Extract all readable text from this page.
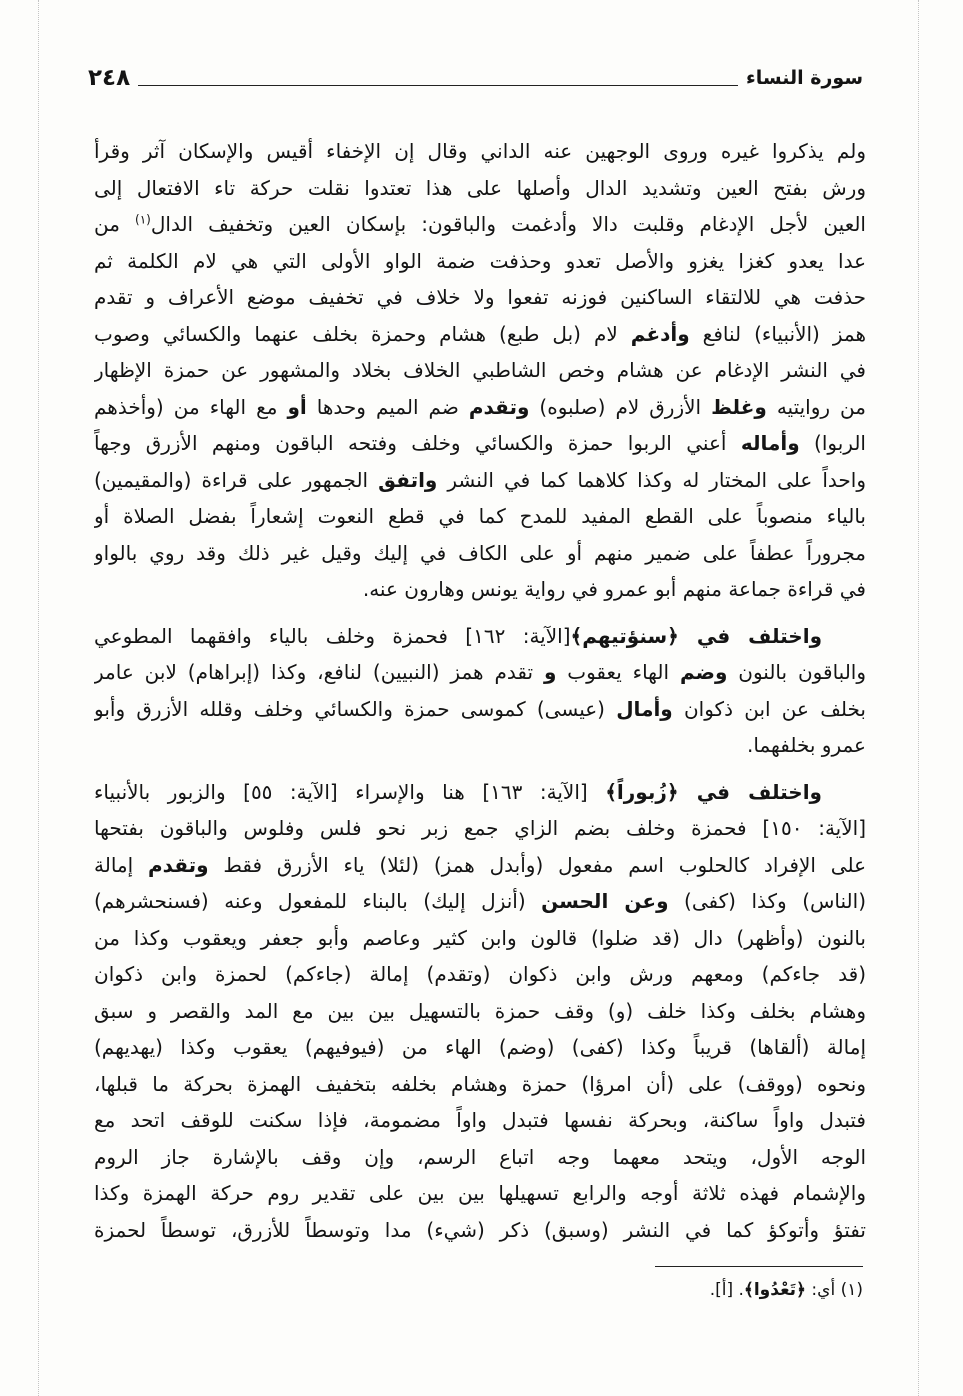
سورة النساء
٢٤٨
ولم يذكروا غيره وروى الوجهين عنه الداني وقال إن الإخفاء أقيس والإسكان آثر وقرأ
ورش بفتح العين وتشديد الدال وأصلها على هذا تعتدوا نقلت حركة تاء الافتعال إلى
العين لأجل الإدغام وقلبت دالا وأدغمت والباقون: بإسكان العين وتخفيف الدال$^{(١)}$ من
عدا يعدو كغزا يغزو والأصل تعدو وحذفت ضمة الواو الأولى التي هي لام الكلمة ثم
حذفت هي للالتقاء الساكنين فوزنه تفعوا ولا خلاف في تخفيف موضع الأعراف و تقدم
همز (الأنبياء) لنافع وأدغم لام (بل طبع) هشام وحمزة بخلف عنهما والكسائي وصوب
في النشر الإدغام عن هشام وخص الشاطبي الخلاف بخلاد والمشهور عن حمزة الإظهار
من روايتيه وغلظ الأزرق لام (صلبوه) وتقدم ضم الميم وحدها أو مع الهاء من (وأخذهم
الربوا) وأماله أعني الربوا حمزة والكسائي وخلف وفتحه الباقون ومنهم الأزرق وجهاً
واحداً على المختار له وكذا كلاهما كما في النشر واتفق الجمهور على قراءة (والمقيمين)
بالياء منصوباً على القطع المفيد للمدح كما في قطع النعوت إشعاراً بفضل الصلاة أو
مجروراً عطفاً على ضمير منهم أو على الكاف في إليك وقيل غير ذلك وقد روي بالواو
في قراءة جماعة منهم أبو عمرو في رواية يونس وهارون عنه.
واختلف في ﴿سنؤتيهم﴾[الآية: ١٦٢] فحمزة وخلف بالياء وافقهما المطوعي
والباقون بالنون وضم الهاء يعقوب و تقدم همز (النبيين) لنافع، وكذا (إبراهام) لابن عامر
بخلف عن ابن ذكوان وأمال (عيسى) كموسى حمزة والكسائي وخلف وقلله الأزرق وأبو
عمرو بخلفهما.
واختلف في ﴿زُبوراً﴾ [الآية: ١٦٣] هنا والإسراء [الآية: ٥٥] والزبور بالأنبياء
[الآية: ١٥٠] فحمزة وخلف بضم الزاي جمع زبر نحو فلس وفلوس والباقون بفتحها
على الإفراد كالحلوب اسم مفعول (وأبدل همز) (لئلا) ياء الأزرق فقط وتقدم إمالة
(الناس) وكذا (كفى) وعن الحسن (أنزل إليك) بالبناء للمفعول وعنه (فسنحشرهم)
بالنون (وأظهر) دال (قد ضلوا) قالون وابن كثير وعاصم وأبو جعفر ويعقوب وكذا من
(قد جاءكم) ومعهم ورش وابن ذكوان (وتقدم) إمالة (جاءكم) لحمزة وابن ذكوان
وهشام بخلف وكذا خلف (و) وقف حمزة بالتسهيل بين بين مع المد والقصر و سبق
إمالة (ألقاها) قريباً وكذا (كفى) (وضم) الهاء من (فيوفيهم) يعقوب وكذا (يهديهم)
ونحوه (ووقف) على (أن امرؤا) حمزة وهشام بخلفه بتخفيف الهمزة بحركة ما قبلها،
فتبدل واواً ساكنة، وبحركة نفسها فتبدل واواً مضمومة، فإذا سكنت للوقف اتحد مع
الوجه الأول، ويتحد معهما وجه اتباع الرسم، وإن وقف بالإشارة جاز الروم
والإشمام فهذه ثلاثة أوجه والرابع تسهيلها بين بين على تقدير روم حركة الهمزة وكذا
تفتؤ وأتوكؤ كما في النشر (وسبق) ذكر (شيء) مدا وتوسطاً للأزرق، توسطاً لحمزة
(١) أي: ﴿تَعْدُوا﴾. [أ].
